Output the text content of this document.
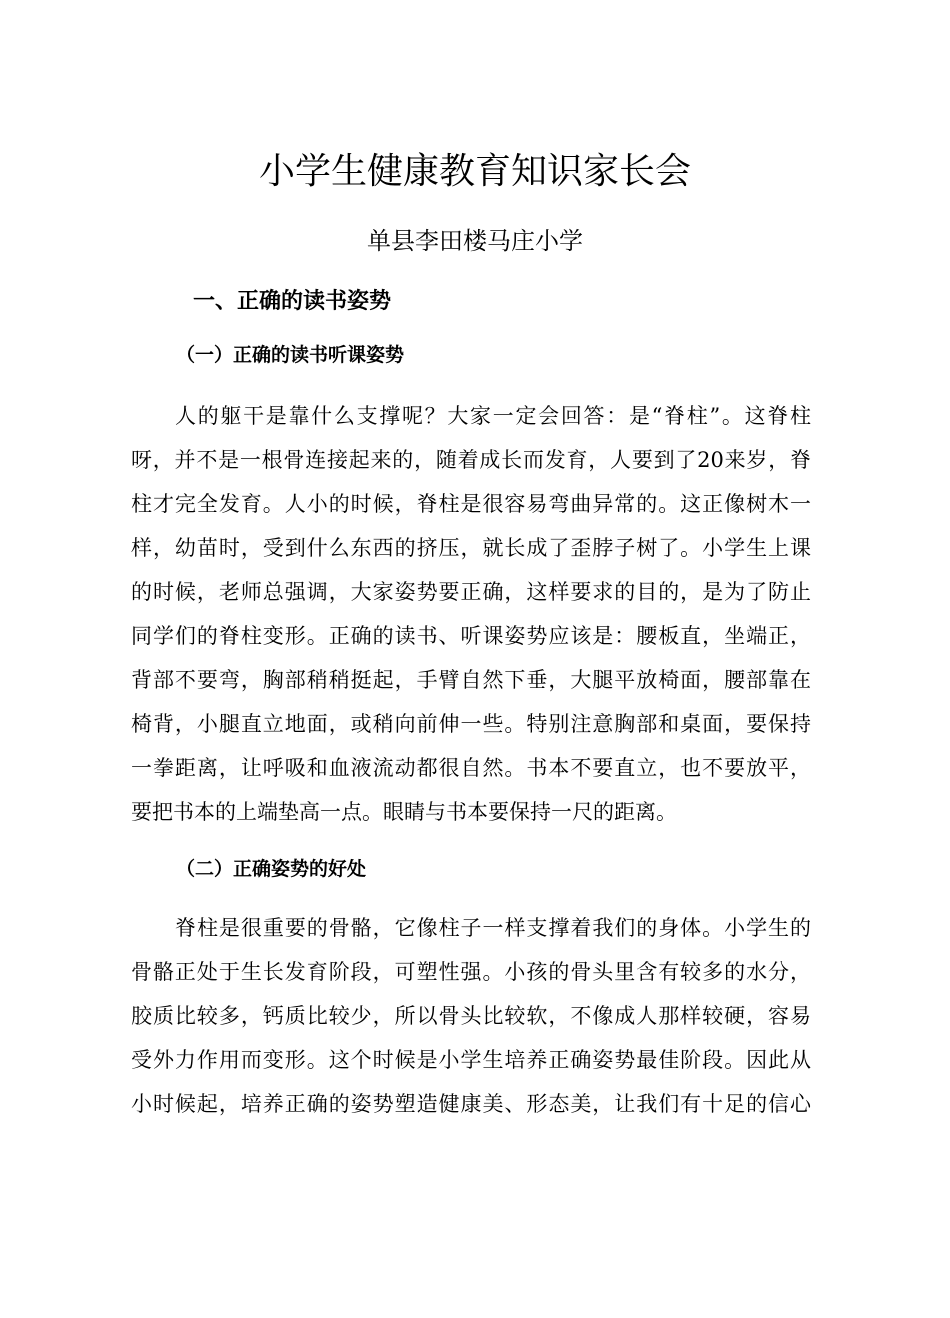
小学生健康教育知识家长会
单县李田楼马庄小学
一、正确的读书姿势
（一）正确的读书听课姿势
人的躯干是靠什么支撑呢？大家一定会回答：是“脊柱”。这脊柱
呀，并不是一根骨连接起来的，随着成长而发育，人要到了20来岁，脊
柱才完全发育。人小的时候，脊柱是很容易弯曲异常的。这正像树木一
样，幼苗时，受到什么东西的挤压，就长成了歪脖子树了。小学生上课
的时候，老师总强调，大家姿势要正确，这样要求的目的，是为了防止
同学们的脊柱变形。正确的读书、听课姿势应该是：腰板直，坐端正，
背部不要弯，胸部稍稍挺起，手臂自然下垂，大腿平放椅面，腰部靠在
椅背，小腿直立地面，或稍向前伸一些。特别注意胸部和桌面，要保持
一拳距离，让呼吸和血液流动都很自然。书本不要直立，也不要放平，
要把书本的上端垫高一点。眼睛与书本要保持一尺的距离。
（二）正确姿势的好处
脊柱是很重要的骨骼，它像柱子一样支撑着我们的身体。小学生的
骨骼正处于生长发育阶段，可塑性强。小孩的骨头里含有较多的水分，
胶质比较多，钙质比较少，所以骨头比较软，不像成人那样较硬，容易
受外力作用而变形。这个时候是小学生培养正确姿势最佳阶段。因此从
小时候起，培养正确的姿势塑造健康美、形态美，让我们有十足的信心
